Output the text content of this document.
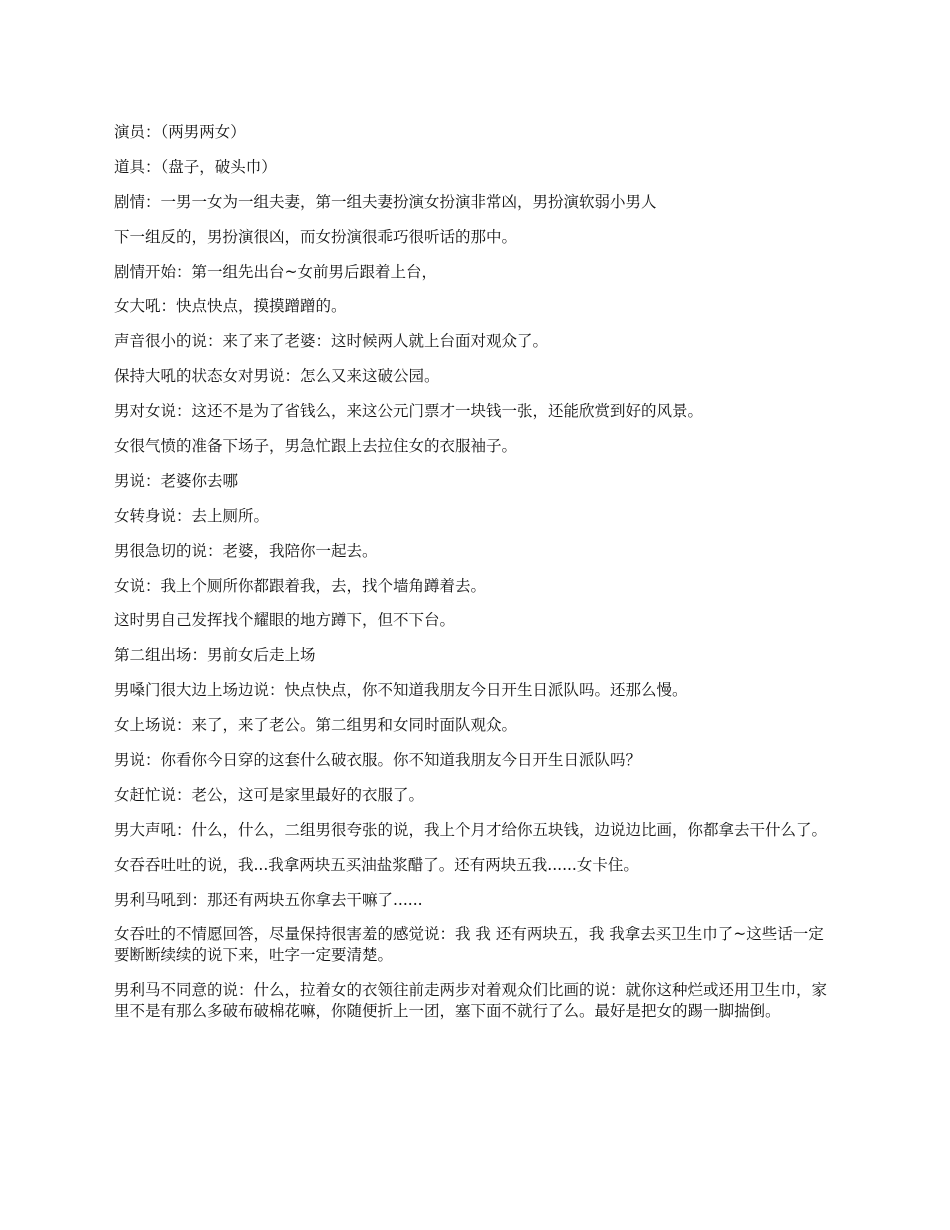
演员：（两男两女）

道具：（盘子，破头巾）

剧情：一男一女为一组夫妻，第一组夫妻扮演女扮演非常凶，男扮演软弱小男人

下一组反的，男扮演很凶，而女扮演很乖巧很听话的那中。

剧情开始：第一组先出台~女前男后跟着上台，

女大吼：快点快点，摸摸蹭蹭的。

声音很小的说：来了来了老婆：这时候两人就上台面对观众了。

保持大吼的状态女对男说：怎么又来这破公园。

男对女说：这还不是为了省钱么，来这公元门票才一块钱一张，还能欣赏到好的风景。

女很气愤的准备下场子，男急忙跟上去拉住女的衣服袖子。

男说：老婆你去哪

女转身说：去上厕所。

男很急切的说：老婆，我陪你一起去。

女说：我上个厕所你都跟着我，去，找个墙角蹲着去。

这时男自己发挥找个耀眼的地方蹲下，但不下台。

第二组出场：男前女后走上场

男嗓门很大边上场边说：快点快点，你不知道我朋友今日开生日派队吗。还那么慢。

女上场说：来了，来了老公。第二组男和女同时面队观众。

男说：你看你今日穿的这套什么破衣服。你不知道我朋友今日开生日派队吗？

女赶忙说：老公，这可是家里最好的衣服了。

男大声吼：什么，什么，二组男很夸张的说，我上个月才给你五块钱，边说边比画，你都拿去干什么了。

女吞吞吐吐的说，我...我拿两块五买油盐浆醋了。还有两块五我......女卡住。

男利马吼到：那还有两块五你拿去干嘛了......

女吞吐的不情愿回答，尽量保持很害羞的感觉说：我 我 还有两块五，我 我拿去买卫生巾了~这些话一定要断断续续的说下来，吐字一定要清楚。

男利马不同意的说：什么，拉着女的衣领往前走两步对着观众们比画的说：就你这种烂或还用卫生巾，家里不是有那么多破布破棉花嘛，你随便折上一团，塞下面不就行了么。最好是把女的踢一脚揣倒。
